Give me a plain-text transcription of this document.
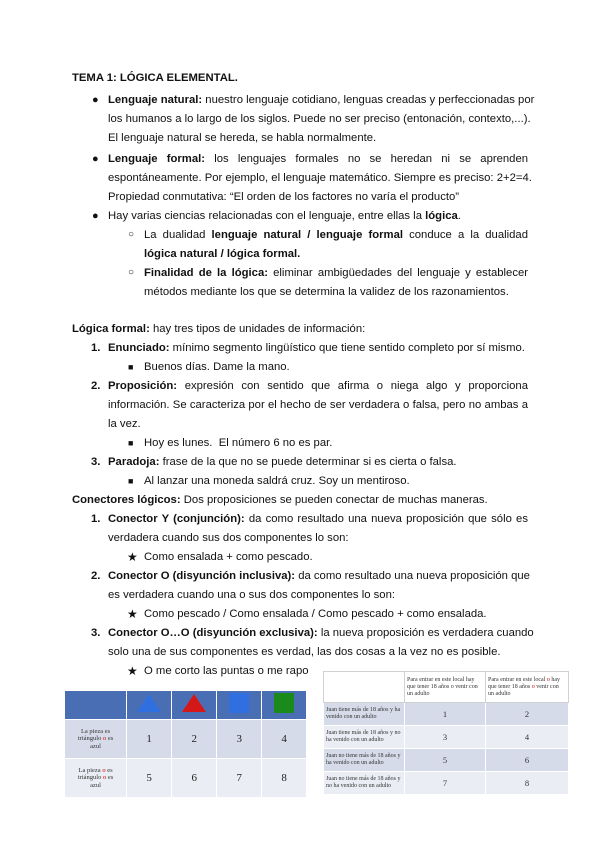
TEMA 1: LÓGICA ELEMENTAL.
● Lenguaje natural: nuestro lenguaje cotidiano, lenguas creadas y perfeccionadas por
los humanos a lo largo de los siglos. Puede no ser preciso (entonación, contexto,...).
El lenguaje natural se hereda, se habla normalmente.
● Lenguaje formal: los lenguajes formales no se heredan ni se aprenden
espontáneamente. Por ejemplo, el lenguaje matemático. Siempre es preciso: 2+2=4.
Propiedad conmutativa: “El orden de los factores no varía el producto”
● Hay varias ciencias relacionadas con el lenguaje, entre ellas la lógica.
○ La dualidad lenguaje natural / lenguaje formal conduce a la dualidad
lógica natural / lógica formal.
○ Finalidad de la lógica: eliminar ambigüedades del lenguaje y establecer
métodos mediante los que se determina la validez de los razonamientos.
Lógica formal: hay tres tipos de unidades de información:
1. Enunciado: mínimo segmento lingüístico que tiene sentido completo por sí mismo.
■ Buenos días. Dame la mano.
2. Proposición: expresión con sentido que afirma o niega algo y proporciona
información. Se caracteriza por el hecho de ser verdadera o falsa, pero no ambas a
la vez.
■ Hoy es lunes.  El número 6 no es par.
3. Paradoja: frase de la que no se puede determinar si es cierta o falsa.
■ Al lanzar una moneda saldrá cruz. Soy un mentiroso.
Conectores lógicos: Dos proposiciones se pueden conectar de muchas maneras.
1. Conector Y (conjunción): da como resultado una nueva proposición que sólo es
verdadera cuando sus dos componentes lo son:
★ Como ensalada + como pescado.
2. Conector O (disyunción inclusiva): da como resultado una nueva proposición que
es verdadera cuando una o sus dos componentes lo son:
★ Como pescado / Como ensalada / Como pescado + como ensalada.
3. Conector O…O (disyunción exclusiva): la nueva proposición es verdadera cuando
solo una de sus componentes es verdad, las dos cosas a la vez no es posible.
★ O me corto las puntas o me rapo

La pieza es
triángulo o es
azul	1	2	3	4
La pieza o es
triángulo o es
azul	5	6	7	8
	Para entrar en este local hay que tener 18 años o venir con un adulto	Para entrar en este local o hay que tener 18 años o venir con un adulto
Juan tiene más de 18 años y ha venido con un adulto	1	2
Juan tiene más de 18 años y no ha venido con un adulto	3	4
Juan no tiene más de 18 años y ha venido con un adulto	5	6
Juan no tiene más de 18 años y no ha venido con un adulto	7	8
